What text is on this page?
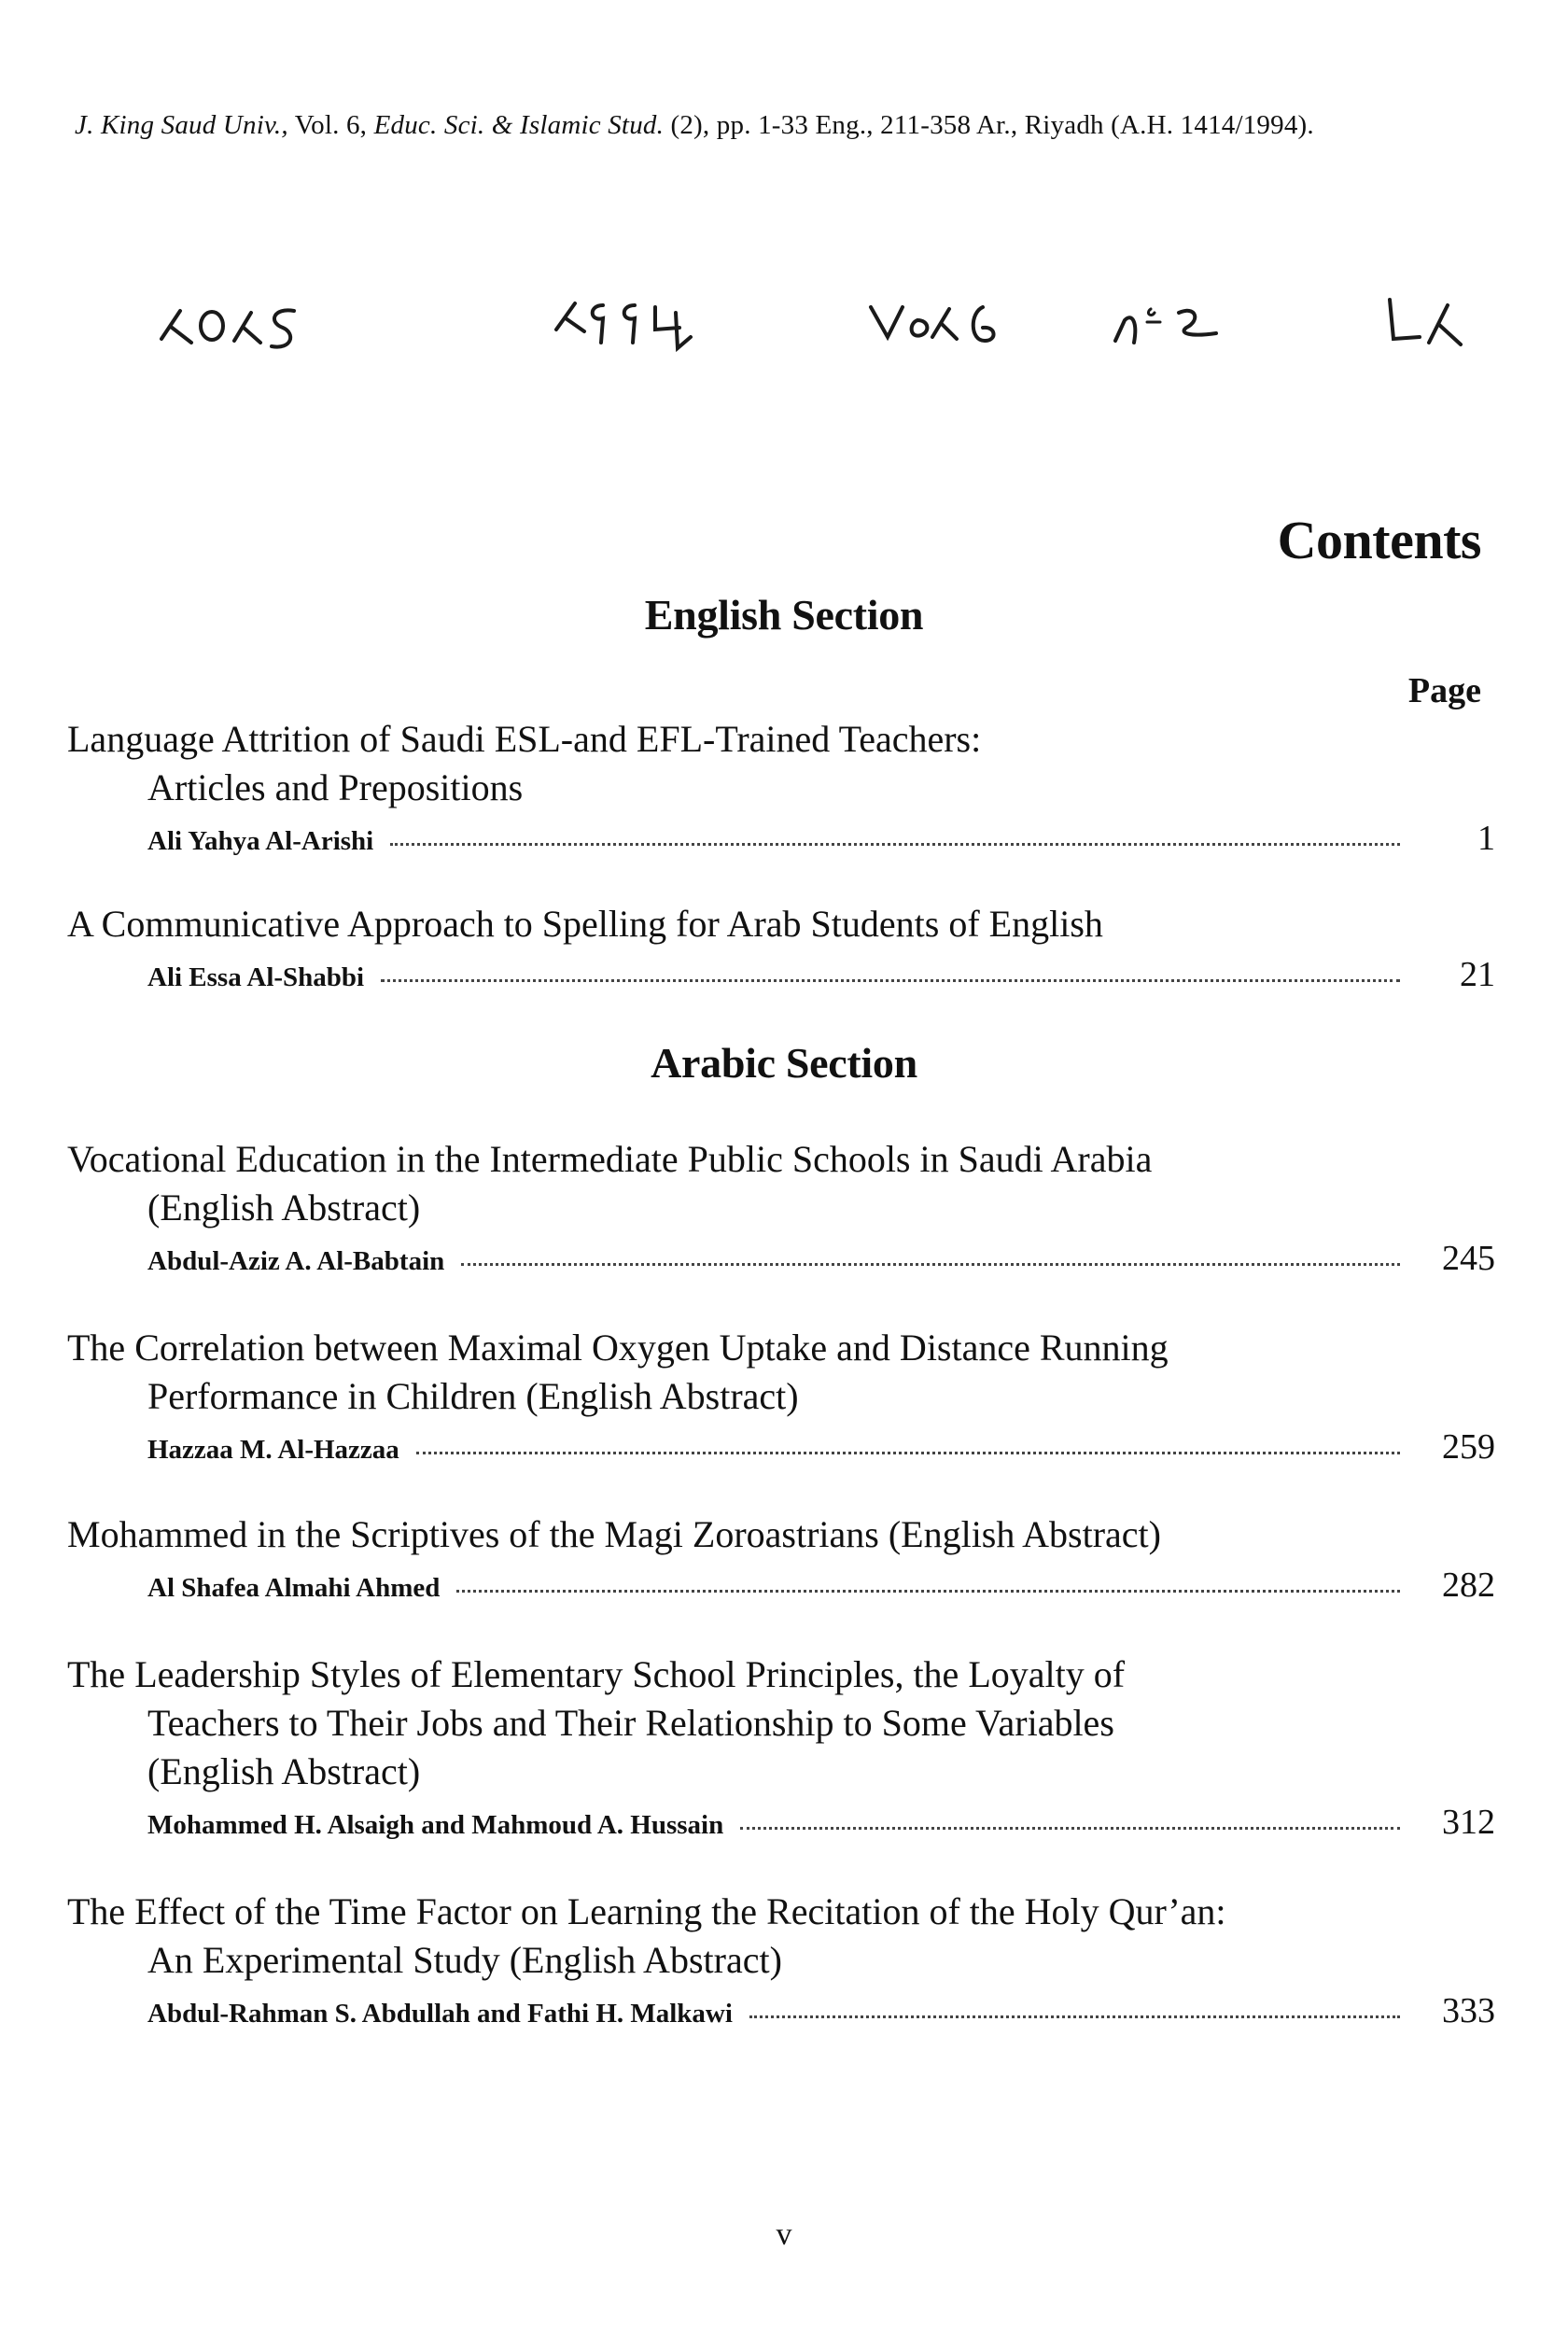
J. King Saud Univ., Vol. 6, Educ. Sci. & Islamic Stud. (2), pp. 1-33 Eng., 211-358 Ar., Riyadh (A.H. 1414/1994).
Contents
English Section
Page
Language Attrition of Saudi ESL-and EFL-Trained Teachers:
Articles and Prepositions
Ali Yahya Al-Arishi	1
A Communicative Approach to Spelling for Arab Students of English
Ali Essa Al-Shabbi	21
Arabic Section
Vocational Education in the Intermediate Public Schools in Saudi Arabia
(English Abstract)
Abdul-Aziz A. Al-Babtain	245
The Correlation between Maximal Oxygen Uptake and Distance Running
Performance in Children (English Abstract)
Hazzaa M. Al-Hazzaa	259
Mohammed in the Scriptives of the Magi Zoroastrians (English Abstract)
Al Shafea Almahi Ahmed	282
The Leadership Styles of Elementary School Principles, the Loyalty of
Teachers to Their Jobs and Their Relationship to Some Variables
(English Abstract)
Mohammed H. Alsaigh and Mahmoud A. Hussain	312
The Effect of the Time Factor on Learning the Recitation of the Holy Qur’an:
An Experimental Study (English Abstract)
Abdul-Rahman S. Abdullah and Fathi H. Malkawi	333
v
